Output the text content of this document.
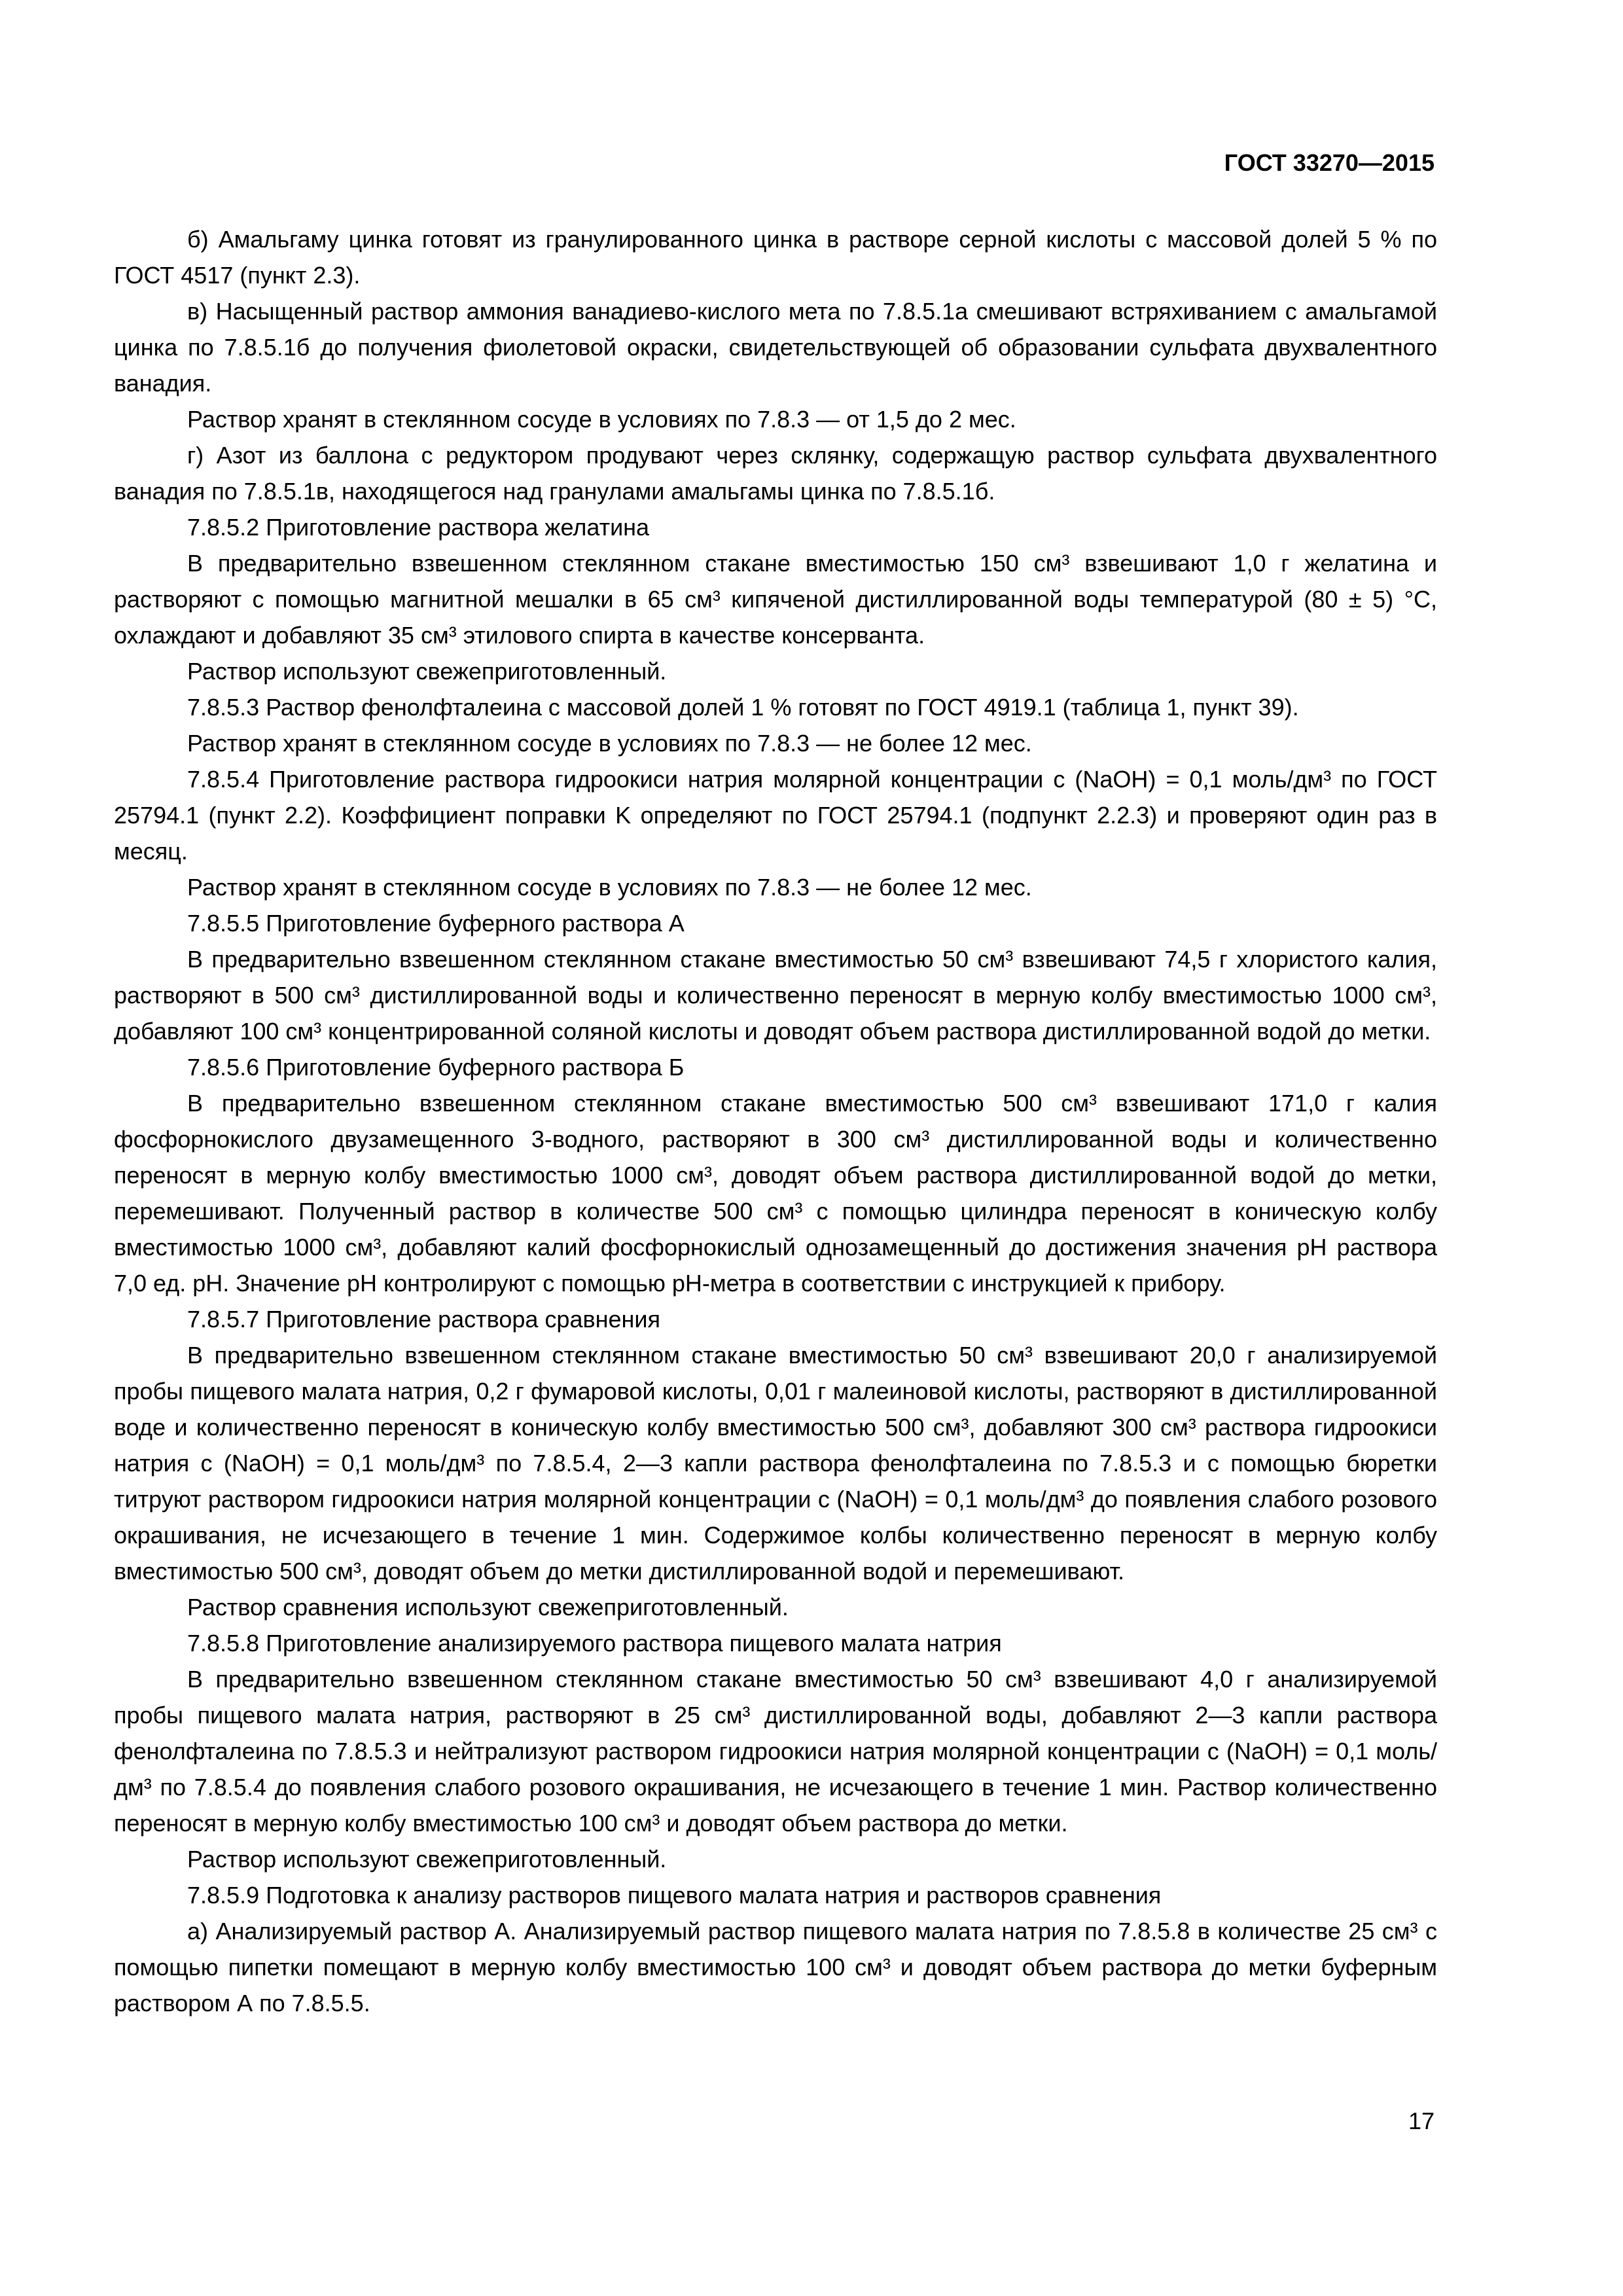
ГОСТ 33270—2015

б) Амальгаму цинка готовят из гранулированного цинка в растворе серной кислоты с массовой долей 5 % по ГОСТ 4517 (пункт 2.3).

в) Насыщенный раствор аммония ванадиево-кислого мета по 7.8.5.1а смешивают встряхиванием с амальгамой цинка по 7.8.5.1б до получения фиолетовой окраски, свидетельствующей об образовании сульфата двухвалентного ванадия.

Раствор хранят в стеклянном сосуде в условиях по 7.8.3 — от 1,5 до 2 мес.

г) Азот из баллона с редуктором продувают через склянку, содержащую раствор сульфата двухвалентного ванадия по 7.8.5.1в, находящегося над гранулами амальгамы цинка по 7.8.5.1б.

7.8.5.2 Приготовление раствора желатина

В предварительно взвешенном стеклянном стакане вместимостью 150 см³ взвешивают 1,0 г желатина и растворяют с помощью магнитной мешалки в 65 см³ кипяченой дистиллированной воды температурой (80 ± 5) °C, охлаждают и добавляют 35 см³ этилового спирта в качестве консерванта.

Раствор используют свежеприготовленный.

7.8.5.3 Раствор фенолфталеина с массовой долей 1 % готовят по ГОСТ 4919.1 (таблица 1, пункт 39).

Раствор хранят в стеклянном сосуде в условиях по 7.8.3 — не более 12 мес.

7.8.5.4 Приготовление раствора гидроокиси натрия молярной концентрации c (NaOH) = 0,1 моль/дм³ по ГОСТ 25794.1 (пункт 2.2). Коэффициент поправки K определяют по ГОСТ 25794.1 (подпункт 2.2.3) и проверяют один раз в месяц.

Раствор хранят в стеклянном сосуде в условиях по 7.8.3 — не более 12 мес.

7.8.5.5 Приготовление буферного раствора А

В предварительно взвешенном стеклянном стакане вместимостью 50 см³ взвешивают 74,5 г хлористого калия, растворяют в 500 см³ дистиллированной воды и количественно переносят в мерную колбу вместимостью 1000 см³, добавляют 100 см³ концентрированной соляной кислоты и доводят объем раствора дистиллированной водой до метки.

7.8.5.6 Приготовление буферного раствора Б

В предварительно взвешенном стеклянном стакане вместимостью 500 см³ взвешивают 171,0 г калия фосфорнокислого двузамещенного 3-водного, растворяют в 300 см³ дистиллированной воды и количественно переносят в мерную колбу вместимостью 1000 см³, доводят объем раствора дистиллированной водой до метки, перемешивают. Полученный раствор в количестве 500 см³ с помощью цилиндра переносят в коническую колбу вместимостью 1000 см³, добавляют калий фосфорнокислый однозамещенный до достижения значения pH раствора 7,0 ед. pH. Значение pH контролируют с помощью pH-метра в соответствии с инструкцией к прибору.

7.8.5.7 Приготовление раствора сравнения

В предварительно взвешенном стеклянном стакане вместимостью 50 см³ взвешивают 20,0 г анализируемой пробы пищевого малата натрия, 0,2 г фумаровой кислоты, 0,01 г малеиновой кислоты, растворяют в дистиллированной воде и количественно переносят в коническую колбу вместимостью 500 см³, добавляют 300 см³ раствора гидроокиси натрия c (NaOH) = 0,1 моль/дм³ по 7.8.5.4, 2—3 капли раствора фенолфталеина по 7.8.5.3 и с помощью бюретки титруют раствором гидроокиси натрия молярной концентрации c (NaOH) = 0,1 моль/дм³ до появления слабого розового окрашивания, не исчезающего в течение 1 мин. Содержимое колбы количественно переносят в мерную колбу вместимостью 500 см³, доводят объем до метки дистиллированной водой и перемешивают.

Раствор сравнения используют свежеприготовленный.

7.8.5.8 Приготовление анализируемого раствора пищевого малата натрия

В предварительно взвешенном стеклянном стакане вместимостью 50 см³ взвешивают 4,0 г анализируемой пробы пищевого малата натрия, растворяют в 25 см³ дистиллированной воды, добавляют 2—3 капли раствора фенолфталеина по 7.8.5.3 и нейтрализуют раствором гидроокиси натрия молярной концентрации c (NaOH) = 0,1 моль/дм³ по 7.8.5.4 до появления слабого розового окрашивания, не исчезающего в течение 1 мин. Раствор количественно переносят в мерную колбу вместимостью 100 см³ и доводят объем раствора до метки.

Раствор используют свежеприготовленный.

7.8.5.9 Подготовка к анализу растворов пищевого малата натрия и растворов сравнения

а) Анализируемый раствор А. Анализируемый раствор пищевого малата натрия по 7.8.5.8 в количестве 25 см³ с помощью пипетки помещают в мерную колбу вместимостью 100 см³ и доводят объем раствора до метки буферным раствором А по 7.8.5.5.

17
